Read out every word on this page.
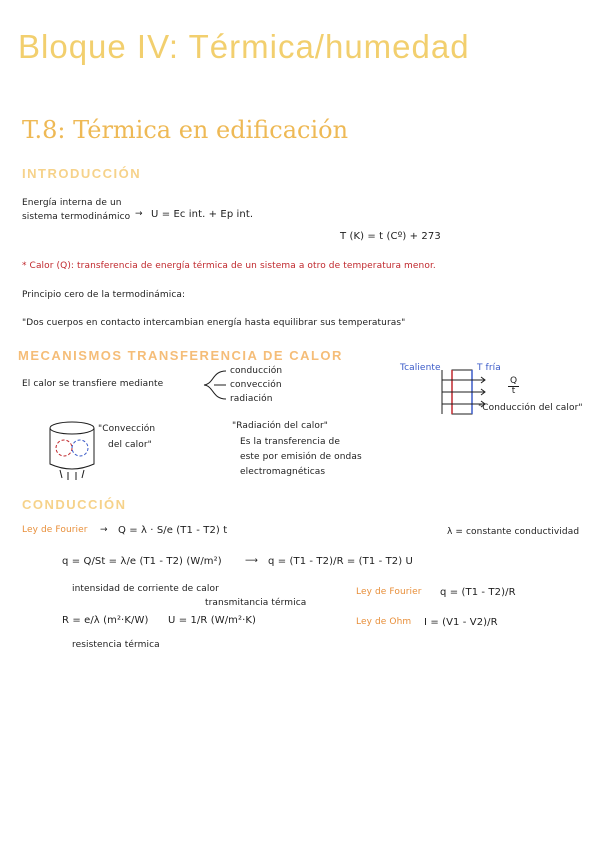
Bloque IV: Térmica/humedad
T.8: Térmica en edificación
INTRODUCCIÓN
Energía interna de un
sistema termodinámico → U = Ec int. + Ep int.
T (K) = t (Cº) + 273
* Calor (Q): transferencia de energía térmica de un sistema a otro de temperatura menor.
Principio cero de la termodinámica:
"Dos cuerpos en contacto intercambian energía hasta equilibrar sus temperaturas"
MECANISMOS TRANSFERENCIA DE CALOR
El calor se transfiere mediante
conducción
convección
radiación
Tcaliente	T fría
$\frac{Q}{t}$
"Conducción del calor"
"Convección
del calor"
"Radiación del calor"
Es la transferencia de
este por emisión de ondas
electromagnéticas
CONDUCCIÓN
Ley de Fourier → Q = λ · S/e (T1 - T2) t	λ = constante conductividad
q = Q/St = λ/e (T1 - T2) (W/m²)	⟶ q = (T1 - T2)/R = (T1 - T2) U
intensidad de corriente de calor	Ley de Fourier q = (T1 - T2)/R
Ley de Ohm I = (V1 - V2)/R
transmitancia térmica
R = e/λ (m²·K/W) U = 1/R (W/m²·K)
resistencia térmica
